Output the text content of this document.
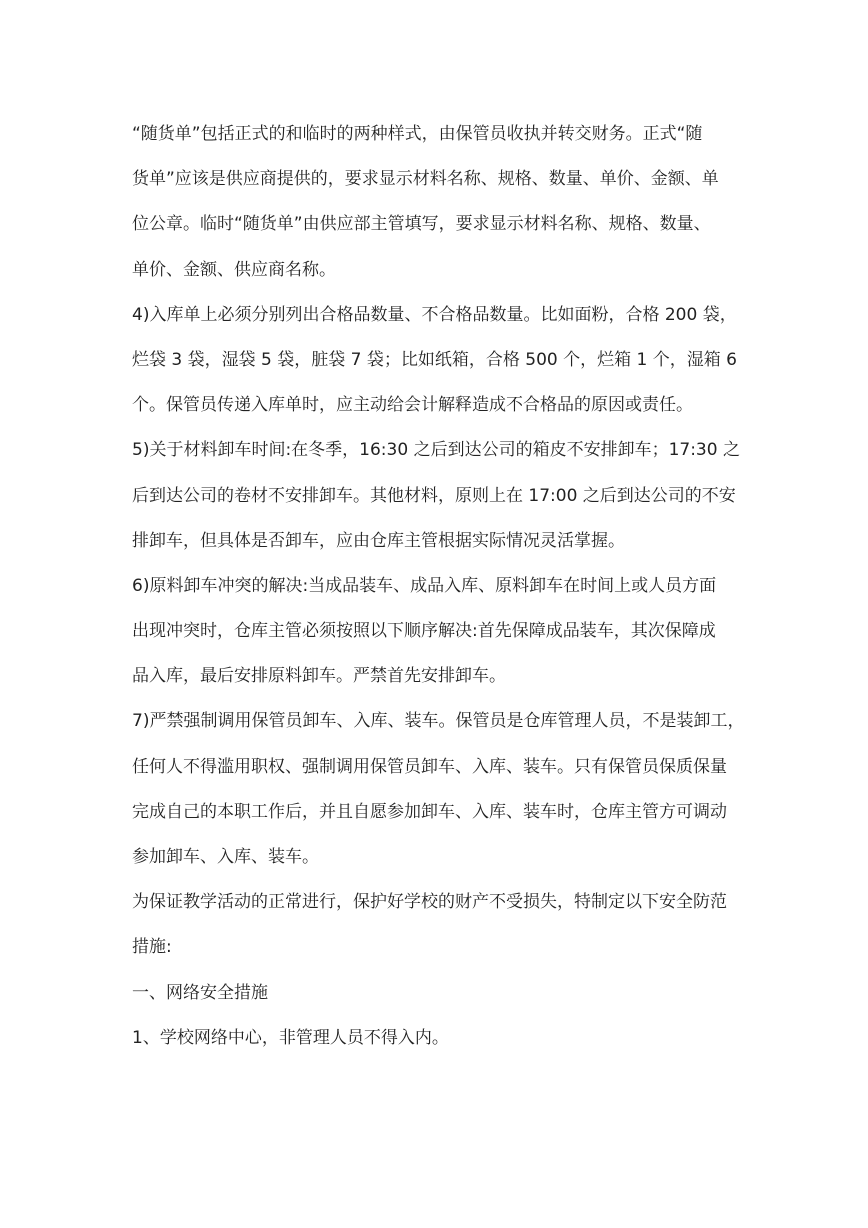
“随货单”包括正式的和临时的两种样式，由保管员收执并转交财务。正式“随
货单”应该是供应商提供的，要求显示材料名称、规格、数量、单价、金额、单
位公章。临时“随货单”由供应部主管填写，要求显示材料名称、规格、数量、
单价、金额、供应商名称。
4)入库单上必须分别列出合格品数量、不合格品数量。比如面粉，合格 200 袋，
烂袋 3 袋，湿袋 5 袋，脏袋 7 袋；比如纸箱，合格 500 个，烂箱 1 个，湿箱 6
个。保管员传递入库单时，应主动给会计解释造成不合格品的原因或责任。
5)关于材料卸车时间:在冬季，16:30 之后到达公司的箱皮不安排卸车；17:30 之
后到达公司的卷材不安排卸车。其他材料，原则上在 17:00 之后到达公司的不安
排卸车，但具体是否卸车，应由仓库主管根据实际情况灵活掌握。
6)原料卸车冲突的解决:当成品装车、成品入库、原料卸车在时间上或人员方面
出现冲突时，仓库主管必须按照以下顺序解决:首先保障成品装车，其次保障成
品入库，最后安排原料卸车。严禁首先安排卸车。
7)严禁强制调用保管员卸车、入库、装车。保管员是仓库管理人员，不是装卸工，
任何人不得滥用职权、强制调用保管员卸车、入库、装车。只有保管员保质保量
完成自己的本职工作后，并且自愿参加卸车、入库、装车时，仓库主管方可调动
参加卸车、入库、装车。
为保证教学活动的正常进行，保护好学校的财产不受损失，特制定以下安全防范
措施:
一、网络安全措施
1、学校网络中心，非管理人员不得入内。
